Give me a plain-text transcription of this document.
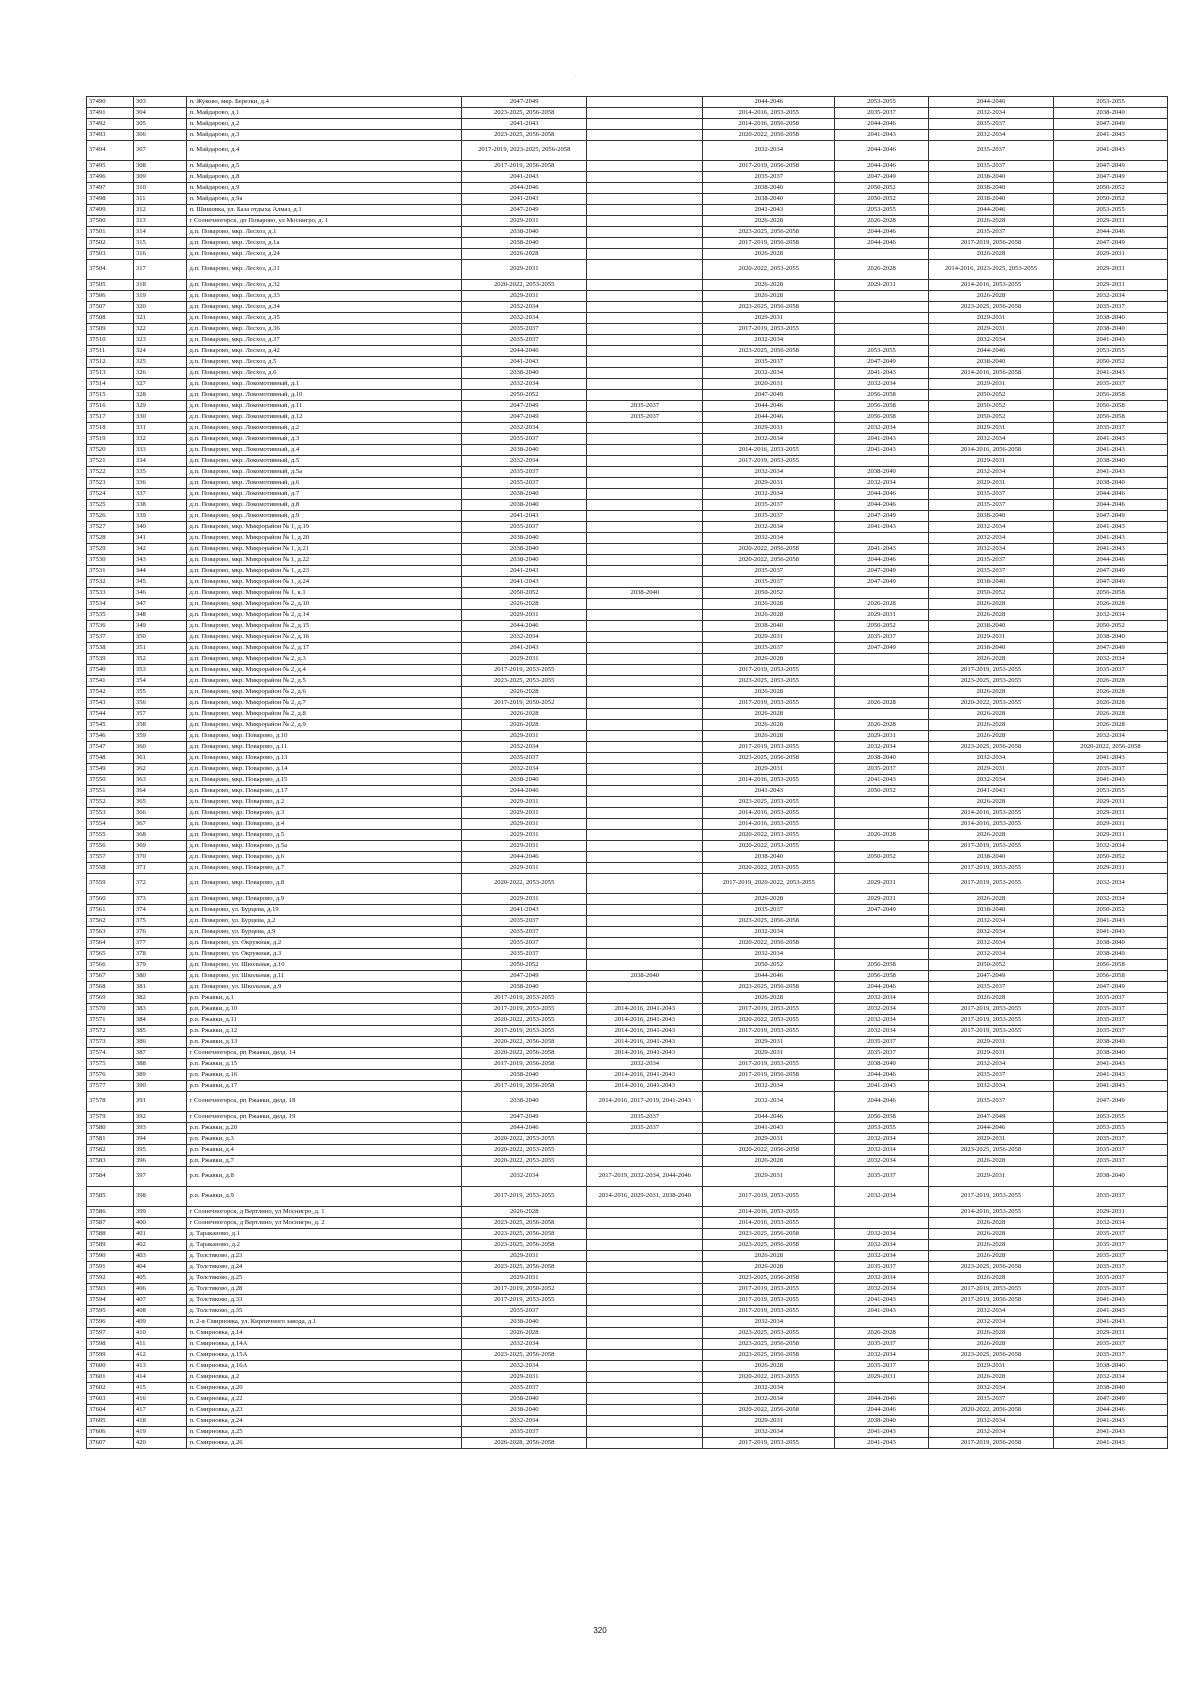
·
37490	303	п. Жуково, мкр. Березки, д.4	2047-2049		2044-2046	2053-2055	2044-2046	2053-2055
37491	304	п. Майдарово, д.1	2023-2025, 2056-2058		2014-2016, 2053-2055	2035-2037	2032-2034	2038-2040
37492	305	п. Майдарово, д.2	2041-2043		2014-2016, 2056-2058	2044-2046	2035-2037	2047-2049
37493	306	п. Майдарово, д.3	2023-2025, 2056-2058		2020-2022, 2056-2058	2041-2043	2032-2034	2041-2043
37494	307	п. Майдарово, д.4	2017-2019, 2023-2025, 2056-2058		2032-2034	2044-2046	2035-2037	2041-2043
37495	308	п. Майдарово, д.5	2017-2019, 2056-2058		2017-2019, 2056-2058	2044-2046	2035-2037	2047-2049
37496	309	п. Майдарово, д.8	2041-2043		2035-2037	2047-2049	2038-2040	2047-2049
37497	310	п. Майдарово, д.9	2044-2046		2038-2040	2050-2052	2038-2040	2050-2052
37498	311	п. Майдарово, д.9а	2041-2043		2038-2040	2050-2052	2038-2040	2050-2052
37499	312	п. Шишовка, ул. База отдыха Алмаз, д.1	2047-2049		2041-2043	2053-2055	2044-2046	2053-2055
37500	313	г Солнечногорск, дп Поварово, ул Моснигро, д. 1	2029-2031		2026-2028	2026-2028	2026-2028	2029-2031
37501	314	д.п. Поварово, мкр. Лесхоз, д.1	2038-2040		2023-2025, 2056-2058	2044-2046	2035-2037	2044-2046
37502	315	д.п. Поварово, мкр. Лесхоз, д.1а	2038-2040		2017-2019, 2056-2058	2044-2046	2017-2019, 2056-2058	2047-2049
37503	316	д.п. Поварово, мкр. Лесхоз, д.24	2026-2028		2026-2028		2026-2028	2029-2031
37504	317	д.п. Поварово, мкр. Лесхоз, д.31	2029-2031		2020-2022, 2053-2055	2026-2028	2014-2016, 2023-2025, 2053-2055	2029-2031
37505	318	д.п. Поварово, мкр. Лесхоз, д.32	2020-2022, 2053-2055		2026-2028	2029-2031	2014-2016, 2053-2055	2029-2031
37506	319	д.п. Поварово, мкр. Лесхоз, д.33	2029-2031		2026-2028		2026-2028	2032-2034
37507	320	д.п. Поварово, мкр. Лесхоз, д.34	2032-2034		2023-2025, 2056-2058		2023-2025, 2056-2058	2035-2037
37508	321	д.п. Поварово, мкр. Лесхоз, д.35	2032-2034		2029-2031		2029-2031	2038-2040
37509	322	д.п. Поварово, мкр. Лесхоз, д.36	2035-2037		2017-2019, 2053-2055		2029-2031	2038-2040
37510	323	д.п. Поварово, мкр. Лесхоз, д.37	2035-2037		2032-2034		2032-2034	2041-2043
37511	324	д.п. Поварово, мкр. Лесхоз, д.42	2044-2046		2023-2025, 2056-2058	2053-2055	2044-2046	2053-2055
37512	325	д.п. Поварово, мкр. Лесхоз, д.5	2041-2043		2035-2037	2047-2049	2038-2040	2050-2052
37513	326	д.п. Поварово, мкр. Лесхоз, д.6	2038-2040		2032-2034	2041-2043	2014-2016, 2056-2058	2041-2043
37514	327	д.п. Поварово, мкр. Локомотивный, д.1	2032-2034		2020-2031	2032-2034	2029-2031	2035-2037
37515	328	д.п. Поварово, мкр. Локомотивный, д.10	2050-2052		2047-2049	2056-2058	2050-2052	2056-2058
37516	329	д.п. Поварово, мкр. Локомотивный, д.11	2047-2049	2035-2037	2044-2046	2056-2058	2050-2052	2056-2058
37517	330	д.п. Поварово, мкр. Локомотивный, д.12	2047-2049	2035-2037	2044-2046	2056-2058	2050-2052	2056-2058
37518	331	д.п. Поварово, мкр. Локомотивный, д.2	2032-2034		2029-2031	2032-2034	2029-2031	2035-2037
37519	332	д.п. Поварово, мкр. Локомотивный, д.3	2035-2037		2032-2034	2041-2043	2032-2034	2041-2043
37520	333	д.п. Поварово, мкр. Локомотивный, д.4	2038-2040		2014-2016, 2053-2055	2041-2043	2014-2016, 2056-2058	2041-2043
37521	334	д.п. Поварово, мкр. Локомотивный, д.5	2032-2034		2017-2019, 2053-2055		2029-2031	2038-2040
37522	335	д.п. Поварово, мкр. Локомотивный, д.5а	2035-2037		2032-2034	2038-2040	2032-2034	2041-2043
37523	336	д.п. Поварово, мкр. Локомотивный, д.6	2035-2037		2029-2031	2032-2034	2029-2031	2038-2040
37524	337	д.п. Поварово, мкр. Локомотивный, д.7	2038-2040		2032-2034	2044-2046	2035-2037	2044-2046
37525	338	д.п. Поварово, мкр. Локомотивный, д.8	2038-2040		2035-2037	2044-2046	2035-2037	2044-2046
37526	339	д.п. Поварово, мкр. Локомотивный, д.9	2041-2043		2035-2037	2047-2049	2038-2040	2047-2049
37527	340	д.п. Поварово, мкр. Микрорайон № 1, д.19	2035-2037		2032-2034	2041-2043	2032-2034	2041-2043
37528	341	д.п. Поварово, мкр. Микрорайон № 1, д.20	2038-2040		2032-2034		2032-2034	2041-2043
37529	342	д.п. Поварово, мкр. Микрорайон № 1, д.21	2038-2040		2020-2022, 2056-2058	2041-2043	2032-2034	2041-2043
37530	343	д.п. Поварово, мкр. Микрорайон № 1, д.22	2038-2040		2020-2022, 2056-2058	2044-2046	2035-2037	2044-2046
37531	344	д.п. Поварово, мкр. Микрорайон № 1, д.23	2041-2043		2035-2037	2047-2049	2035-2037	2047-2049
37532	345	д.п. Поварово, мкр. Микрорайон № 1, д.24	2041-2043		2035-2037	2047-2049	2038-2040	2047-2049
37533	346	д.п. Поварово, мкр. Микрорайон № 1, к.1	2050-2052	2038-2040	2050-2052		2050-2052	2056-2058
37534	347	д.п. Поварово, мкр. Микрорайон № 2, д.10	2026-2028		2026-2028	2026-2028	2026-2028	2026-2028
37535	348	д.п. Поварово, мкр. Микрорайон № 2, д.14	2029-2031		2026-2028	2029-2031	2026-2028	2032-2034
37536	349	д.п. Поварово, мкр. Микрорайон № 2, д.15	2044-2046		2038-2040	2050-2052	2038-2040	2050-2052
37537	350	д.п. Поварово, мкр. Микрорайон № 2, д.16	2032-2034		2029-2031	2035-2037	2029-2031	2038-2040
37538	351	д.п. Поварово, мкр. Микрорайон № 2, д.17	2041-2043		2035-2037	2047-2049	2038-2040	2047-2049
37539	352	д.п. Поварово, мкр. Микрорайон № 2, д.3	2029-2031		2026-2028		2026-2028	2032-2034
37540	353	д.п. Поварово, мкр. Микрорайон № 2, д.4	2017-2019, 2053-2055		2017-2019, 2053-2055		2017-2019, 2053-2055	2035-2037
37541	354	д.п. Поварово, мкр. Микрорайон № 2, д.5	2023-2025, 2053-2055		2023-2025, 2053-2055		2023-2025, 2053-2055	2026-2028
37542	355	д.п. Поварово, мкр. Микрорайон № 2, д.6	2026-2028		2026-2028		2026-2028	2026-2028
37543	356	д.п. Поварово, мкр. Микрорайон № 2, д.7	2017-2019, 2050-2052		2017-2019, 2053-2055	2026-2028	2020-2022, 2053-2055	2026-2028
37544	357	д.п. Поварово, мкр. Микрорайон № 2, д.8	2026-2028		2026-2028		2026-2028	2026-2028
37545	358	д.п. Поварово, мкр. Микрорайон № 2, д.9	2026-2028		2026-2028	2026-2028	2026-2028	2026-2028
37546	359	д.п. Поварово, мкр. Поварово, д.10	2029-2031		2026-2028	2029-2031	2026-2028	2032-2034
37547	360	д.п. Поварово, мкр. Поварово, д.11	2032-2034		2017-2019, 2053-2055	2032-2034	2023-2025, 2056-2058	2020-2022, 2056-2058
37548	361	д.п. Поварово, мкр. Поварово, д.13	2035-2037		2023-2025, 2056-2058	2038-2040	2032-2034	2041-2043
37549	362	д.п. Поварово, мкр. Поварово, д.14	2032-2034		2029-2031	2035-2037	2029-2031	2035-2037
37550	363	д.п. Поварово, мкр. Поварово, д.15	2038-2040		2014-2016, 2053-2055	2041-2043	2032-2034	2041-2043
37551	364	д.п. Поварово, мкр. Поварово, д.17	2044-2046		2041-2043	2050-2052	2041-2043	2053-2055
37552	365	д.п. Поварово, мкр. Поварово, д.2	2029-2031		2023-2025, 2053-2055		2026-2028	2029-2031
37553	366	д.п. Поварово, мкр. Поварово, д.3	2029-2031		2014-2016, 2053-2055		2014-2016, 2053-2055	2029-2031
37554	367	д.п. Поварово, мкр. Поварово, д.4	2029-2031		2014-2016, 2053-2055		2014-2016, 2053-2055	2029-2031
37555	368	д.п. Поварово, мкр. Поварово, д.5	2029-2031		2020-2022, 2053-2055	2026-2028	2026-2028	2029-2031
37556	369	д.п. Поварово, мкр. Поварово, д.5а	2029-2031		2020-2022, 2053-2055		2017-2019, 2053-2055	2032-2034
37557	370	д.п. Поварово, мкр. Поварово, д.6	2044-2046		2038-2040	2050-2052	2038-2040	2050-2052
37558	371	д.п. Поварово, мкр. Поварово, д.7	2029-2031		2020-2022, 2053-2055		2017-2019, 2053-2055	2029-2031
37559	372	д.п. Поварово, мкр. Поварово, д.8	2020-2022, 2053-2055		2017-2019, 2020-2022, 2053-2055	2029-2031	2017-2019, 2053-2055	2032-2034
37560	373	д.п. Поварово, мкр. Поварово, д.9	2029-2031		2026-2028	2029-2031	2026-2028	2032-2034
37561	374	д.п. Поварово, ул. Бурцева, д.19	2041-2043		2035-2037	2047-2049	2038-2040	2050-2052
37562	375	д.п. Поварово, ул. Бурцева, д.2	2035-2037		2023-2025, 2056-2058		2032-2034	2041-2043
37563	376	д.п. Поварово, ул. Бурцева, д.9	2035-2037		2032-2034		2032-2034	2041-2043
37564	377	д.п. Поварово, ул. Окружная, д.2	2035-2037		2020-2022, 2056-2058		2032-2034	2038-2040
37565	378	д.п. Поварово, ул. Окружная, д.3	2035-2037		2032-2034		2032-2034	2038-2040
37566	379	д.п. Поварово, ул. Школьная, д.10	2050-2052		2050-2052	2056-2058	2050-2052	2056-2058
37567	380	д.п. Поварово, ул. Школьная, д.11	2047-2049	2038-2040	2044-2046	2056-2058	2047-2049	2056-2058
37568	381	д.п. Поварово, ул. Школьная, д.9	2038-2040		2023-2025, 2056-2058	2044-2046	2035-2037	2047-2049
37569	382	р.п. Ржавки, д.1	2017-2019, 2053-2055		2026-2028	2032-2034	2026-2028	2035-2037
37570	383	р.п. Ржавки, д.10	2017-2019, 2053-2055	2014-2016, 2041-2043	2017-2019, 2053-2055	2032-2034	2017-2019, 2053-2055	2035-2037
37571	384	р.п. Ржавки, д.11	2020-2022, 2053-2055	2014-2016, 2041-2043	2020-2022, 2053-2055	2032-2034	2017-2019, 2053-2055	2035-2037
37572	385	р.п. Ржавки, д.12	2017-2019, 2053-2055	2014-2016, 2041-2043	2017-2019, 2053-2055	2032-2034	2017-2019, 2053-2055	2035-2037
37573	386	р.п. Ржавки, д.13	2020-2022, 2056-2058	2014-2016, 2041-2043	2029-2031	2035-2037	2029-2031	2038-2040
37574	387	г Солнечногорск, рп Ржавки, двлд. 14	2020-2022, 2056-2058	2014-2016, 2041-2043	2029-2031	2035-2037	2029-2031	2038-2040
37575	388	р.п. Ржавки, д.15	2017-2019, 2056-2058	2032-2034	2017-2019, 2053-2055	2038-2040	2032-2034	2041-2043
37576	389	р.п. Ржавки, д.16	2038-2040	2014-2016, 2041-2043	2017-2019, 2056-2058	2044-2046	2035-2037	2041-2043
37577	390	р.п. Ржавки, д.17	2017-2019, 2056-2058	2014-2016, 2041-2043	2032-2034	2041-2043	2032-2034	2041-2043
37578	391	г Солнечногорск, рп Ржавки, двлд. 18	2038-2040	2014-2016, 2017-2019, 2041-2043	2032-2034	2044-2046	2035-2037	2047-2049
37579	392	г Солнечногорск, рп Ржавки, двлд. 19	2047-2049	2035-2037	2044-2046	2056-2058	2047-2049	2053-2055
37580	393	р.п. Ржавки, д.20	2044-2046	2035-2037	2041-2043	2053-2055	2044-2046	2053-2055
37581	394	р.п. Ржавки, д.3	2020-2022, 2053-2055		2029-2031	2032-2034	2029-2031	2035-2037
37582	395	р.п. Ржавки, д.4	2020-2022, 2053-2055		2020-2022, 2056-2058	2032-2034	2023-2025, 2056-2058	2035-2037
37583	396	р.п. Ржавки, д.7	2020-2022, 2053-2055		2026-2028	2032-2034	2026-2028	2035-2037
37584	397	р.п. Ржавки, д.8	2032-2034	2017-2019, 2032-2034, 2044-2046	2029-2031	2035-2037	2029-2031	2038-2040
37585	398	р.п. Ржавки, д.9	2017-2019, 2053-2055	2014-2016, 2029-2031, 2038-2040	2017-2019, 2053-2055	2032-2034	2017-2019, 2053-2055	2035-2037
37586	399	г Солнечногорск, д Вертлино, ул Моснигро, д. 1	2026-2028		2014-2016, 2053-2055		2014-2016, 2053-2055	2029-2031
37587	400	г Солнечногорск, д Вертлино, ул Моснигро, д. 2	2023-2025, 2056-2058		2014-2016, 2053-2055		2026-2028	2032-2034
37588	401	д. Тараканово, д.1	2023-2025, 2056-2058		2023-2025, 2056-2058	2032-2034	2026-2028	2035-2037
37589	402	д. Тараканово, д.2	2023-2025, 2056-2058		2023-2025, 2056-2058	2032-2034	2026-2028	2035-2037
37590	403	д. Толстяково, д.23	2029-2031		2026-2028	2032-2034	2026-2028	2035-2037
37591	404	д. Толстяково, д.24	2023-2025, 2056-2058		2026-2028	2035-2037	2023-2025, 2056-2058	2035-2037
37592	405	д. Толстяково, д.25	2029-2031		2023-2025, 2056-2058	2032-2034	2026-2028	2035-2037
37593	406	д. Толстяково, д.28	2017-2019, 2050-2052		2017-2019, 2053-2055	2032-2034	2017-2019, 2053-2055	2035-2037
37594	407	д. Толстяково, д.33	2017-2019, 2053-2055		2017-2019, 2053-2055	2041-2043	2017-2019, 2056-2058	2041-2043
37595	408	д. Толстяково, д.35	2035-2037		2017-2019, 2053-2055	2041-2043	2032-2034	2041-2043
37596	409	п. 2-я Смирновка, ул. Кирпичного завода, д.1	2038-2040		2032-2034		2032-2034	2041-2043
37597	410	п. Смирновка, д.14	2026-2028		2023-2025, 2053-2055	2026-2028	2026-2028	2029-2031
37598	411	п. Смирновка, д.14А	2032-2034		2023-2025, 2056-2058	2035-2037	2026-2028	2035-2037
37599	412	п. Смирновка, д.15А	2023-2025, 2056-2058		2023-2025, 2056-2058	2032-2034	2023-2025, 2056-2058	2035-2037
37600	413	п. Смирновка, д.16А	2032-2034		2026-2028	2035-2037	2029-2031	2038-2040
37601	414	п. Смирновка, д.2	2029-2031		2020-2022, 2053-2055	2029-2031	2026-2028	2032-2034
37602	415	п. Смирновка, д.20	2035-2037		2032-2034		2032-2034	2038-2040
37603	416	п. Смирновка, д.22	2038-2040		2032-2034	2044-2046	2035-2037	2047-2049
37604	417	п. Смирновка, д.23	2038-2040		2020-2022, 2056-2058	2044-2046	2020-2022, 2056-2058	2044-2046
37605	418	п. Смирновка, д.24	2032-2034		2029-2031	2038-2040	2032-2034	2041-2043
37606	419	п. Смирновка, д.25	2035-2037		2032-2034	2041-2043	2032-2034	2041-2043
37607	420	п. Смирновка, д.26	2026-2028, 2056-2058		2017-2019, 2053-2055	2041-2043	2017-2019, 2056-2058	2041-2043
320
